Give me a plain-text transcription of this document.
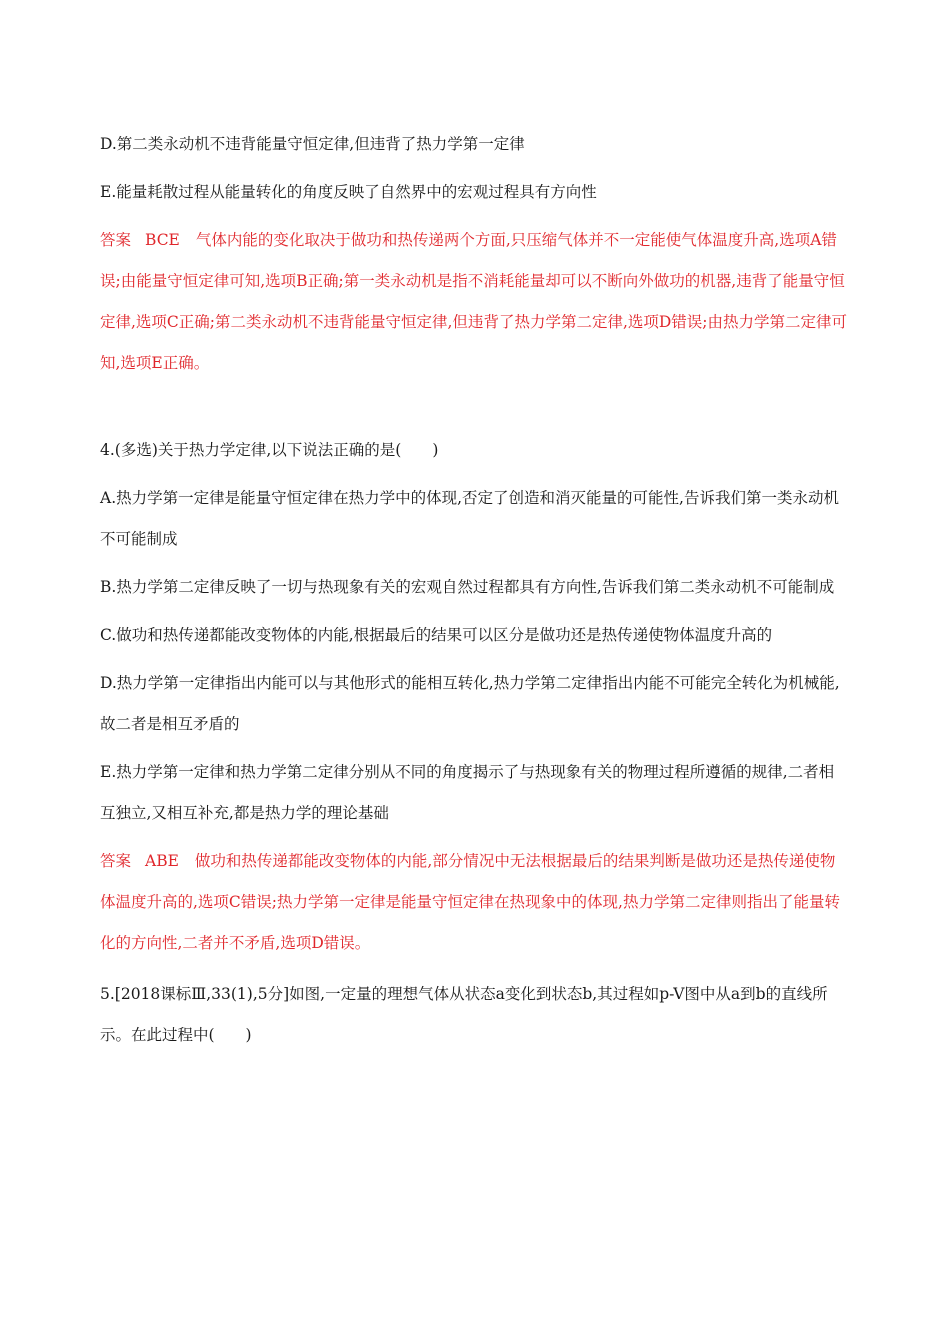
D.第二类永动机不违背能量守恒定律,但违背了热力学第一定律

E.能量耗散过程从能量转化的角度反映了自然界中的宏观过程具有方向性

答案 BCE 气体内能的变化取决于做功和热传递两个方面,只压缩气体并不一定能使气体温度升高,选项A错误;由能量守恒定律可知,选项B正确;第一类永动机是指不消耗能量却可以不断向外做功的机器,违背了能量守恒定律,选项C正确;第二类永动机不违背能量守恒定律,但违背了热力学第二定律,选项D错误;由热力学第二定律可知,选项E正确。

4.(多选)关于热力学定律,以下说法正确的是(　　)

A.热力学第一定律是能量守恒定律在热力学中的体现,否定了创造和消灭能量的可能性,告诉我们第一类永动机不可能制成

B.热力学第二定律反映了一切与热现象有关的宏观自然过程都具有方向性,告诉我们第二类永动机不可能制成

C.做功和热传递都能改变物体的内能,根据最后的结果可以区分是做功还是热传递使物体温度升高的

D.热力学第一定律指出内能可以与其他形式的能相互转化,热力学第二定律指出内能不可能完全转化为机械能,故二者是相互矛盾的

E.热力学第一定律和热力学第二定律分别从不同的角度揭示了与热现象有关的物理过程所遵循的规律,二者相互独立,又相互补充,都是热力学的理论基础

答案 ABE 做功和热传递都能改变物体的内能,部分情况中无法根据最后的结果判断是做功还是热传递使物体温度升高的,选项C错误;热力学第一定律是能量守恒定律在热现象中的体现,热力学第二定律则指出了能量转化的方向性,二者并不矛盾,选项D错误。

5.[2018课标Ⅲ,33(1),5分]如图,一定量的理想气体从状态a变化到状态b,其过程如p-V图中从a到b的直线所示。在此过程中(　　)
